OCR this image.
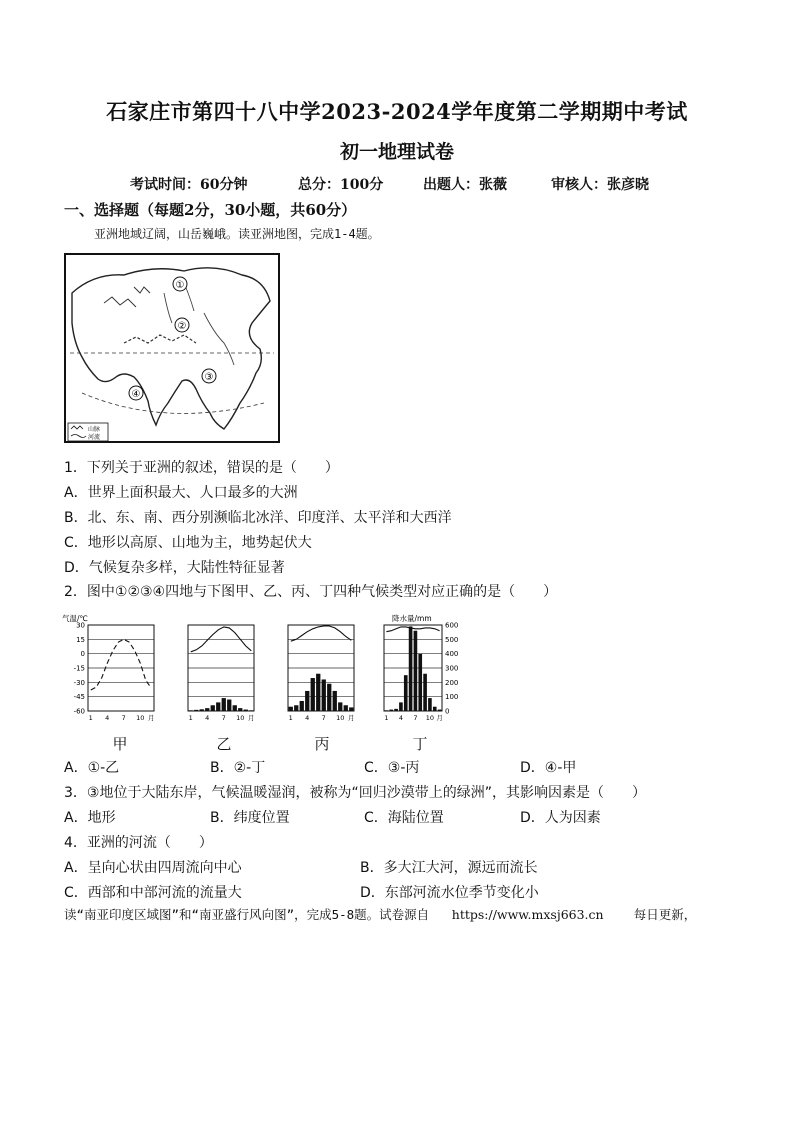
石家庄市第四十八中学2023-2024学年度第二学期期中考试
初一地理试卷
考试时间：60分钟	总分：100分	出题人：张薇	审核人：张彦晓
一、选择题（每题2分，30小题，共60分）
亚洲地域辽阔，山岳巍峨。读亚洲地图，完成1-4题。
①
②
③
④
山脉
河流
1．下列关于亚洲的叙述，错误的是（　　）
A．世界上面积最大、人口最多的大洲
B．北、东、南、西分别濒临北冰洋、印度洋、太平洋和大西洋
C．地形以高原、山地为主，地势起伏大
D．气候复杂多样，大陆性特征显著
2．图中①②③④四地与下图甲、乙、丙、丁四种气候类型对应正确的是（　　）
1 4 7 10 月
气温/℃
30
15
0
-15
-30
-45
-60
1 4 7 10 月	1 4 7 10 月	1 4 7 10 月
降水量/mm
600
500
400
300
200
100
0
甲	乙	丙	丁
A．①-乙	B．②-丁	C．③-丙	D．④-甲
3．③地位于大陆东岸，气候温暖湿润，被称为“回归沙漠带上的绿洲”，其影响因素是（　　）
A．地形	B．纬度位置	C．海陆位置	D．人为因素
4．亚洲的河流（　　）
A．呈向心状由四周流向中心	B．多大江大河，源远而流长
C．西部和中部河流的流量大	D．东部河流水位季节变化小
读“南亚印度区域图”和“南亚盛行风向图”，完成5-8题。试卷源自 https://www.mxsj663.cn 每日更新，
